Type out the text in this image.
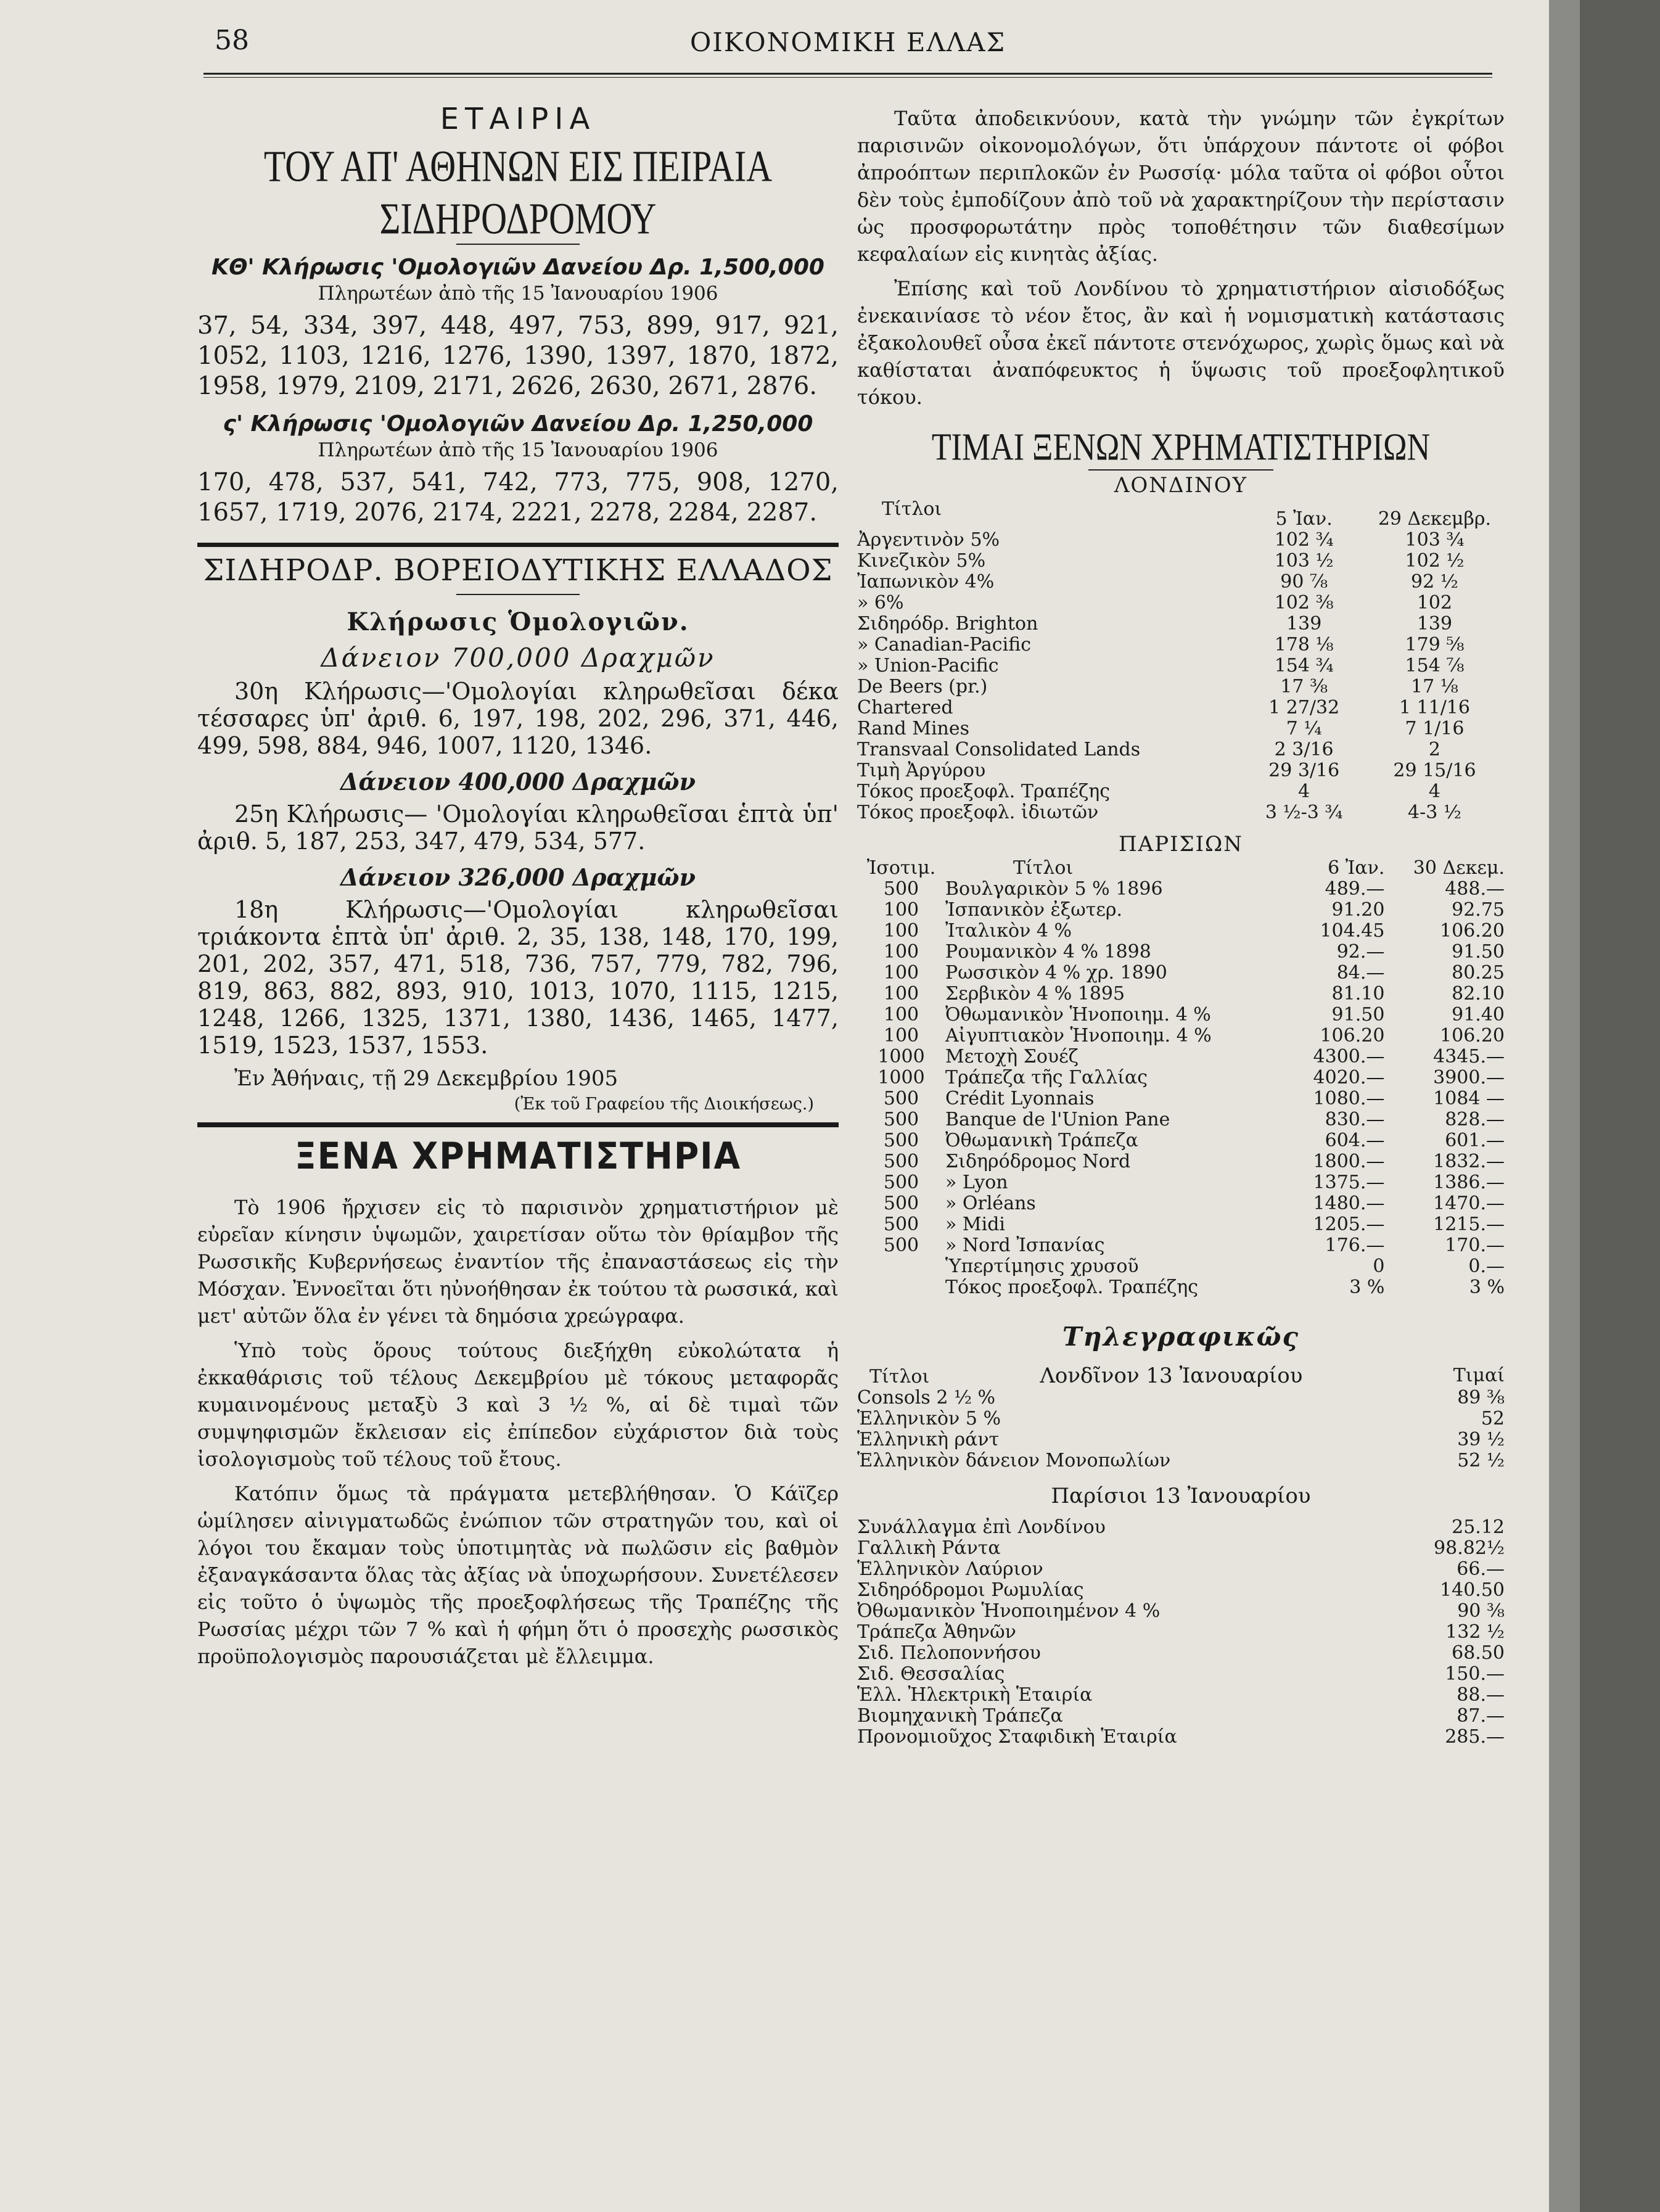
58	ΟΙΚΟΝΟΜΙΚΗ ΕΛΛΑΣ
ΕΤΑΙΡΙΑ
ΤΟΥ ΑΠ' ΑΘΗΝΩΝ ΕΙΣ ΠΕΙΡΑΙΑ ΣΙΔΗΡΟΔΡΟΜΟΥ
ΚΘ' Κλήρωσις 'Ομολογιῶν Δανείου Δρ. 1,500,000
Πληρωτέων ἀπὸ τῆς 15 Ἰανουαρίου 1906
37, 54, 334, 397, 448, 497, 753, 899, 917, 921, 1052, 1103, 1216, 1276, 1390, 1397, 1870, 1872, 1958, 1979, 2109, 2171, 2626, 2630, 2671, 2876.
ς' Κλήρωσις 'Ομολογιῶν Δανείου Δρ. 1,250,000
Πληρωτέων ἀπὸ τῆς 15 Ἰανουαρίου 1906
170, 478, 537, 541, 742, 773, 775, 908, 1270, 1657, 1719, 2076, 2174, 2221, 2278, 2284, 2287.
ΣΙΔΗΡΟΔΡ. ΒΟΡΕΙΟΔΥΤΙΚΗΣ ΕΛΛΑΔΟΣ
Κλήρωσις Ὁμολογιῶν.
Δάνειον 700,000 Δραχμῶν
30η Κλήρωσις—'Ομολογίαι κληρωθεῖσαι δέκα τέσσαρες ὑπ' ἀριθ. 6, 197, 198, 202, 296, 371, 446, 499, 598, 884, 946, 1007, 1120, 1346.
Δάνειον 400,000 Δραχμῶν
25η Κλήρωσις— 'Ομολογίαι κληρωθεῖσαι ἑπτὰ ὑπ' ἀριθ. 5, 187, 253, 347, 479, 534, 577.
Δάνειον 326,000 Δραχμῶν
18η Κλήρωσις—'Ομολογίαι κληρωθεῖσαι τριάκοντα ἑπτὰ ὑπ' ἀριθ. 2, 35, 138, 148, 170, 199, 201, 202, 357, 471, 518, 736, 757, 779, 782, 796, 819, 863, 882, 893, 910, 1013, 1070, 1115, 1215, 1248, 1266, 1325, 1371, 1380, 1436, 1465, 1477, 1519, 1523, 1537, 1553.
Ἐν Ἀθήναις, τῇ 29 Δεκεμβρίου 1905
(Ἐκ τοῦ Γραφείου τῆς Διοικήσεως.)
ΞΕΝΑ ΧΡΗΜΑΤΙΣΤΗΡΙΑ
Τὸ 1906 ἤρχισεν εἰς τὸ παρισινὸν χρηματιστήριον μὲ εὐρεῖαν κίνησιν ὑψωμῶν, χαιρετίσαν οὕτω τὸν θρίαμβον τῆς Ρωσσικῆς Κυβερνήσεως ἐναντίον τῆς ἐπαναστάσεως εἰς τὴν Μόσχαν. Ἐννοεῖται ὅτι ηὐνοήθησαν ἐκ τούτου τὰ ρωσσικά, καὶ μετ' αὐτῶν ὅλα ἐν γένει τὰ δημόσια χρεώγραφα.
Ὑπὸ τοὺς ὅρους τούτους διεξήχθη εὐκολώτατα ἡ ἐκκαθάρισις τοῦ τέλους Δεκεμβρίου μὲ τόκους μεταφορᾶς κυμαινομένους μεταξὺ 3 καὶ 3 ½ %, αἱ δὲ τιμαὶ τῶν συμψηφισμῶν ἔκλεισαν εἰς ἐπίπεδον εὐχάριστον διὰ τοὺς ἰσολογισμοὺς τοῦ τέλους τοῦ ἔτους.
Κατόπιν ὅμως τὰ πράγματα μετεβλήθησαν. Ὁ Κάϊζερ ὡμίλησεν αἰνιγματωδῶς ἐνώπιον τῶν στρατηγῶν του, καὶ οἱ λόγοι του ἔκαμαν τοὺς ὑποτιμητὰς νὰ πωλῶσιν εἰς βαθμὸν ἐξαναγκάσαντα ὅλας τὰς ἀξίας νὰ ὑποχωρήσουν. Συνετέλεσεν εἰς τοῦτο ὁ ὑψωμὸς τῆς προεξοφλήσεως τῆς Τραπέζης τῆς Ρωσσίας μέχρι τῶν 7 % καὶ ἡ φήμη ὅτι ὁ προσεχὴς ρωσσικὸς προϋπολογισμὸς παρουσιάζεται μὲ ἔλλειμμα.
Ταῦτα ἀποδεικνύουν, κατὰ τὴν γνώμην τῶν ἐγκρίτων παρισινῶν οἰκονομολόγων, ὅτι ὑπάρχουν πάντοτε οἱ φόβοι ἀπροόπτων περιπλοκῶν ἐν Ρωσσίᾳ· μόλα ταῦτα οἱ φόβοι οὗτοι δὲν τοὺς ἐμποδίζουν ἀπὸ τοῦ νὰ χαρακτηρίζουν τὴν περίστασιν ὡς προσφορωτάτην πρὸς τοποθέτησιν τῶν διαθεσίμων κεφαλαίων εἰς κινητὰς ἀξίας.
Ἐπίσης καὶ τοῦ Λονδίνου τὸ χρηματιστήριον αἰσιοδόξως ἐνεκαινίασε τὸ νέον ἔτος, ἂν καὶ ἡ νομισματικὴ κατάστασις ἐξακολουθεῖ οὖσα ἐκεῖ πάντοτε στενόχωρος, χωρὶς ὅμως καὶ νὰ καθίσταται ἀναπόφευκτος ἡ ὕψωσις τοῦ προεξοφλητικοῦ τόκου.
ΤΙΜΑΙ ΞΕΝΩΝ ΧΡΗΜΑΤΙΣΤΗΡΙΩΝ
ΛΟΝΔΙΝΟΥ
Τίτλοι	5 Ἰαν.	29 Δεκεμβρ.
Ἀργεντινὸν 5%	102 ¾	103 ¾
Κινεζικὸν 5%	103 ½	102 ½
Ἰαπωνικὸν 4%	90 ⅞	92 ½
» 6%	102 ⅜	102
Σιδηρόδρ. Brighton	139	139
» Canadian-Pacific	178 ⅛	179 ⅝
» Union-Pacific	154 ¾	154 ⅞
De Beers (pr.)	17 ⅜	17 ⅛
Chartered	1 27/32	1 11/16
Rand Mines	7 ¼	7 1/16
Transvaal Consolidated Lands	2 3/16	2
Τιμὴ Ἀργύρου	29 3/16	29 15/16
Τόκος προεξοφλ. Τραπέζης	4	4
Τόκος προεξοφλ. ἰδιωτῶν	3 ½-3 ¾	4-3 ½
ΠΑΡΙΣΙΩΝ
Ἰσοτιμ.	Τίτλοι	6 Ἰαν.	30 Δεκεμ.
500	Βουλγαρικὸν 5 % 1896	489.—	488.—
100	Ἰσπανικὸν ἐξωτερ.	91.20	92.75
100	Ἰταλικὸν 4 %	104.45	106.20
100	Ρουμανικὸν 4 % 1898	92.—	91.50
100	Ρωσσικὸν 4 % χρ. 1890	84.—	80.25
100	Σερβικὸν 4 % 1895	81.10	82.10
100	Ὀθωμανικὸν Ἡνοποιημ. 4 %	91.50	91.40
100	Αἰγυπτιακὸν Ἡνοποιημ. 4 %	106.20	106.20
1000	Μετοχὴ Σουέζ	4300.—	4345.—
1000	Τράπεζα τῆς Γαλλίας	4020.—	3900.—
500	Crédit Lyonnais	1080.—	1084 —
500	Banque de l'Union Pane	830.—	828.—
500	Ὀθωμανικὴ Τράπεζα	604.—	601.—
500	Σιδηρόδρομος Nord	1800.—	1832.—
500	» Lyon	1375.—	1386.—
500	» Orléans	1480.—	1470.—
500	» Midi	1205.—	1215.—
500	» Nord Ἰσπανίας	176.—	170.—
	Ὑπερτίμησις χρυσοῦ	0	0.—
	Τόκος προεξοφλ. Τραπέζης	3 %	3 %
Τηλεγραφικῶς
Τίτλοι Λονδῖνον 13 Ἰανουαρίου	Τιμαί
Consols 2 ½ %	89 ⅜
Ἑλληνικὸν 5 %	52
Ἑλληνικὴ ράντ	39 ½
Ἑλληνικὸν δάνειον Μονοπωλίων	52 ½
Παρίσιοι 13 Ἰανουαρίου
Συνάλλαγμα ἐπὶ Λονδίνου	25.12
Γαλλικὴ Ράντα	98.82½
Ἑλληνικὸν Λαύριον	66.—
Σιδηρόδρομοι Ρωμυλίας	140.50
Ὀθωμανικὸν Ἡνοποιημένον 4 %	90 ⅜
Τράπεζα Ἀθηνῶν	132 ½
Σιδ. Πελοποννήσου	68.50
Σιδ. Θεσσαλίας	150.—
Ἑλλ. Ἠλεκτρικὴ Ἑταιρία	88.—
Βιομηχανικὴ Τράπεζα	87.—
Προνομιοῦχος Σταφιδικὴ Ἑταιρία	285.—
